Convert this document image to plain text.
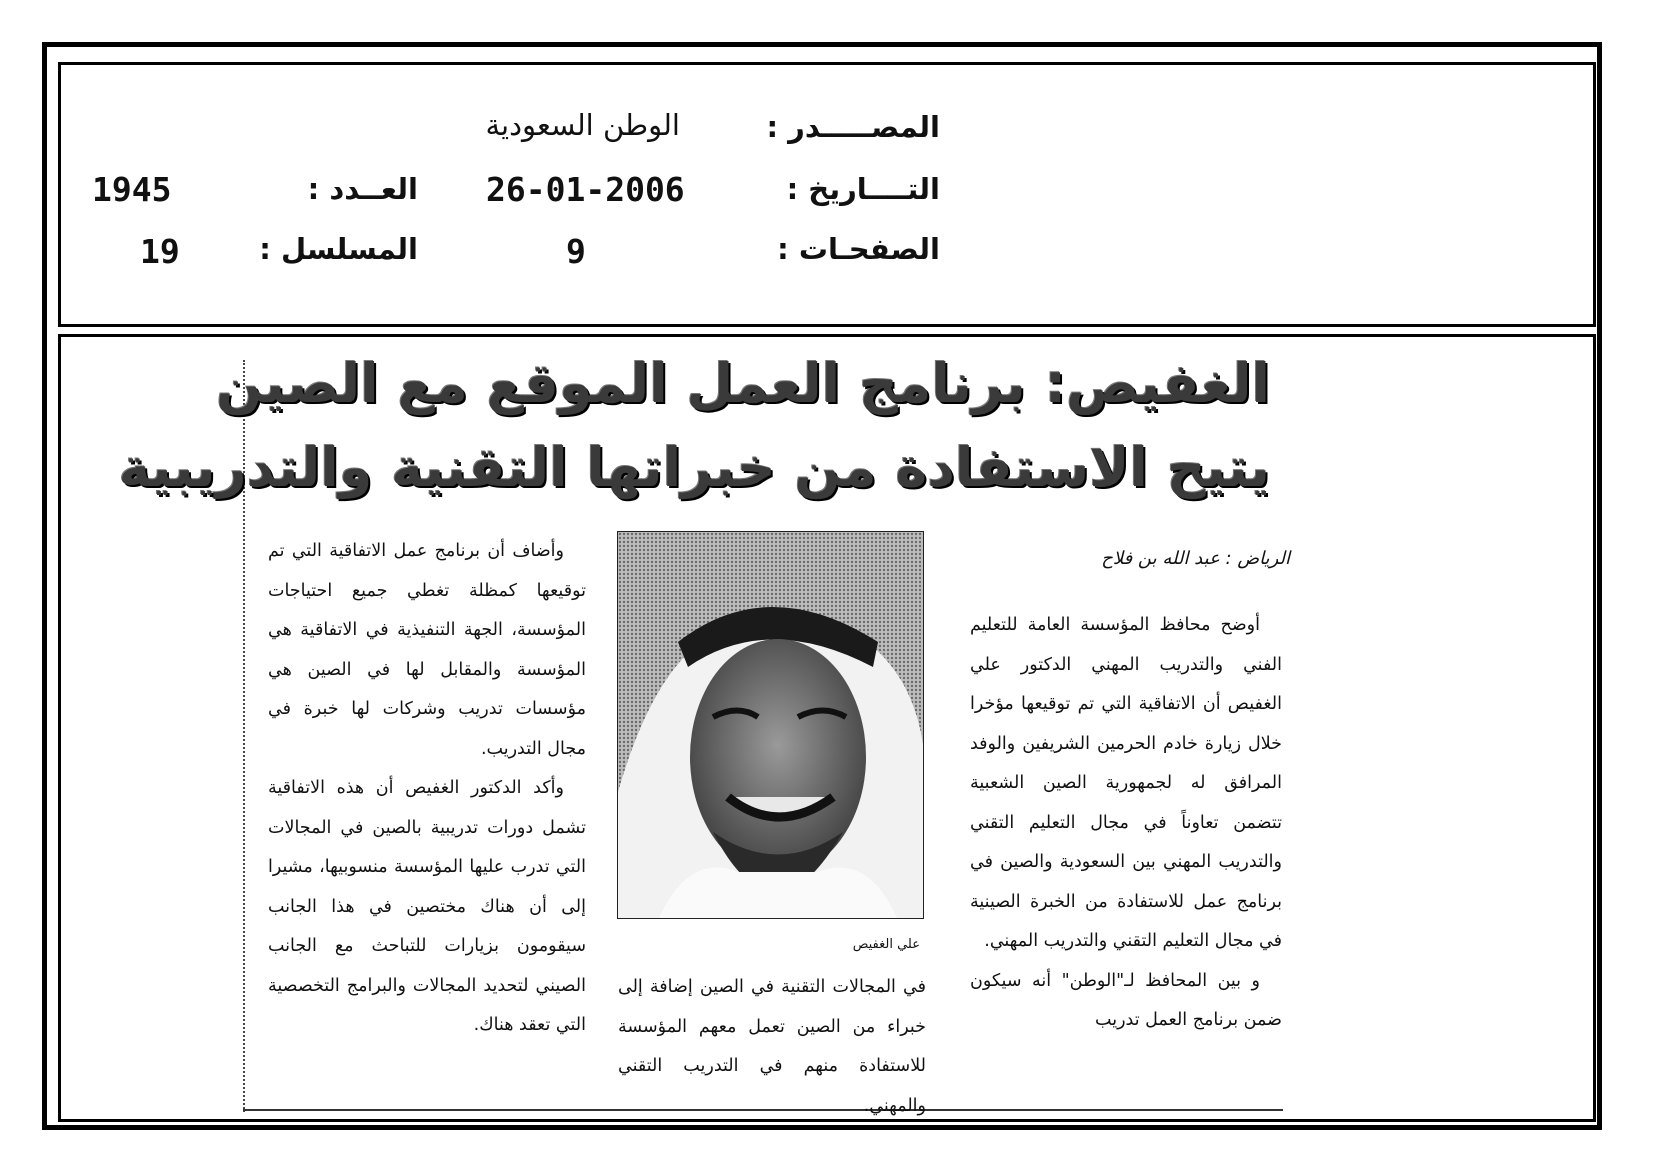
المصـــــدر :
الوطن السعودية
التــــاريخ :
26-01-2006
العــدد :
1945
الصفحـات :
9
المسلسل :
19
الغفيص: برنامج العمل الموقع مع الصين
يتيح الاستفادة من خبراتها التقنية والتدريبية
الرياض : عبد الله بن فلاح

أوضح محافظ المؤسسة العامة للتعليم الفني والتدريب المهني الدكتور علي الغفيص أن الاتفاقية التي تم توقيعها مؤخرا خلال زيارة خادم الحرمين الشريفين والوفد المرافق له لجمهورية الصين الشعبية تتضمن تعاوناً في مجال التعليم التقني والتدريب المهني بين السعودية والصين في برنامج عمل للاستفادة من الخبرة الصينية في مجال التعليم التقني والتدريب المهني.

و بين المحافظ لـ"الوطن" أنه سيكون ضمن برنامج العمل تدريب

علي الغفيص

في المجالات التقنية في الصين إضافة إلى خبراء من الصين تعمل معهم المؤسسة للاستفادة منهم في التدريب التقني والمهني.

وأضاف أن برنامج عمل الاتفاقية التي تم توقيعها كمظلة تغطي جميع احتياجات المؤسسة، الجهة التنفيذية في الاتفاقية هي المؤسسة والمقابل لها في الصين هي مؤسسات تدريب وشركات لها خبرة في مجال التدريب.

وأكد الدكتور الغفيص أن هذه الاتفاقية تشمل دورات تدريبية بالصين في المجالات التي تدرب عليها المؤسسة منسوبيها، مشيرا إلى أن هناك مختصين في هذا الجانب سيقومون بزيارات للتباحث مع الجانب الصيني لتحديد المجالات والبرامج التخصصية التي تعقد هناك.
